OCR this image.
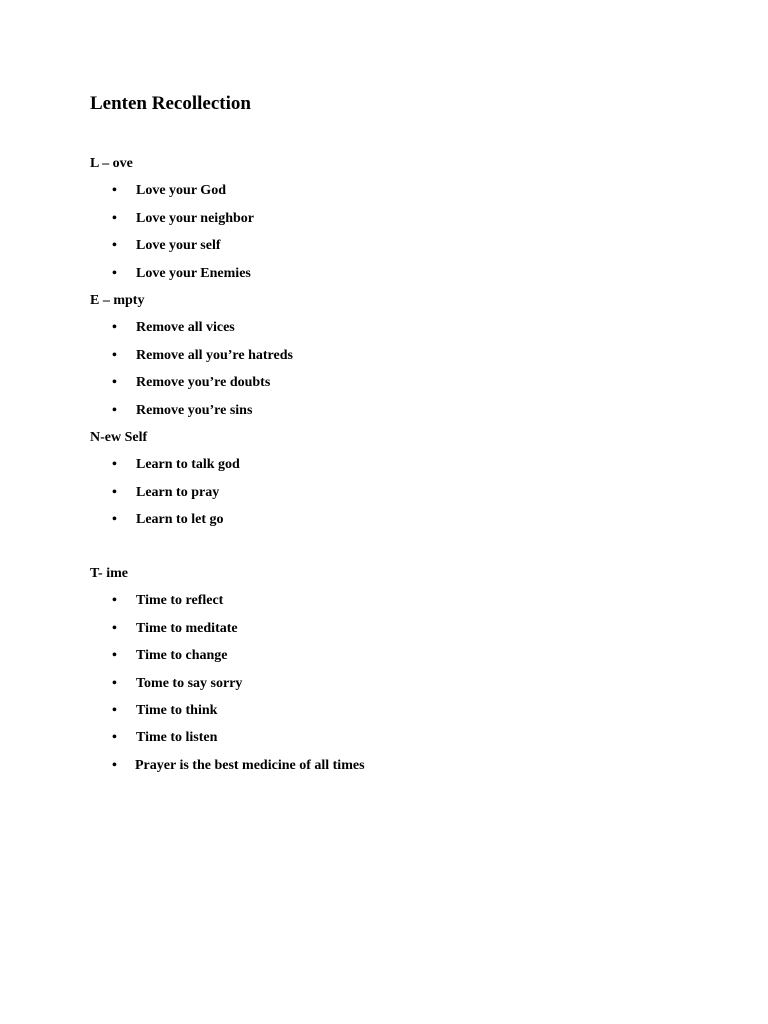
Lenten Recollection
L – ove
• Love your God
• Love your neighbor
• Love your self
• Love your Enemies
E – mpty
• Remove all vices
• Remove all you’re hatreds
• Remove you’re doubts
• Remove you’re sins
N-ew Self
• Learn to talk god
• Learn to pray
• Learn to let go
T- ime
• Time to reflect
• Time to meditate
• Time to change
• Tome to say sorry
• Time to think
• Time to listen
• Prayer is the best medicine of all times
